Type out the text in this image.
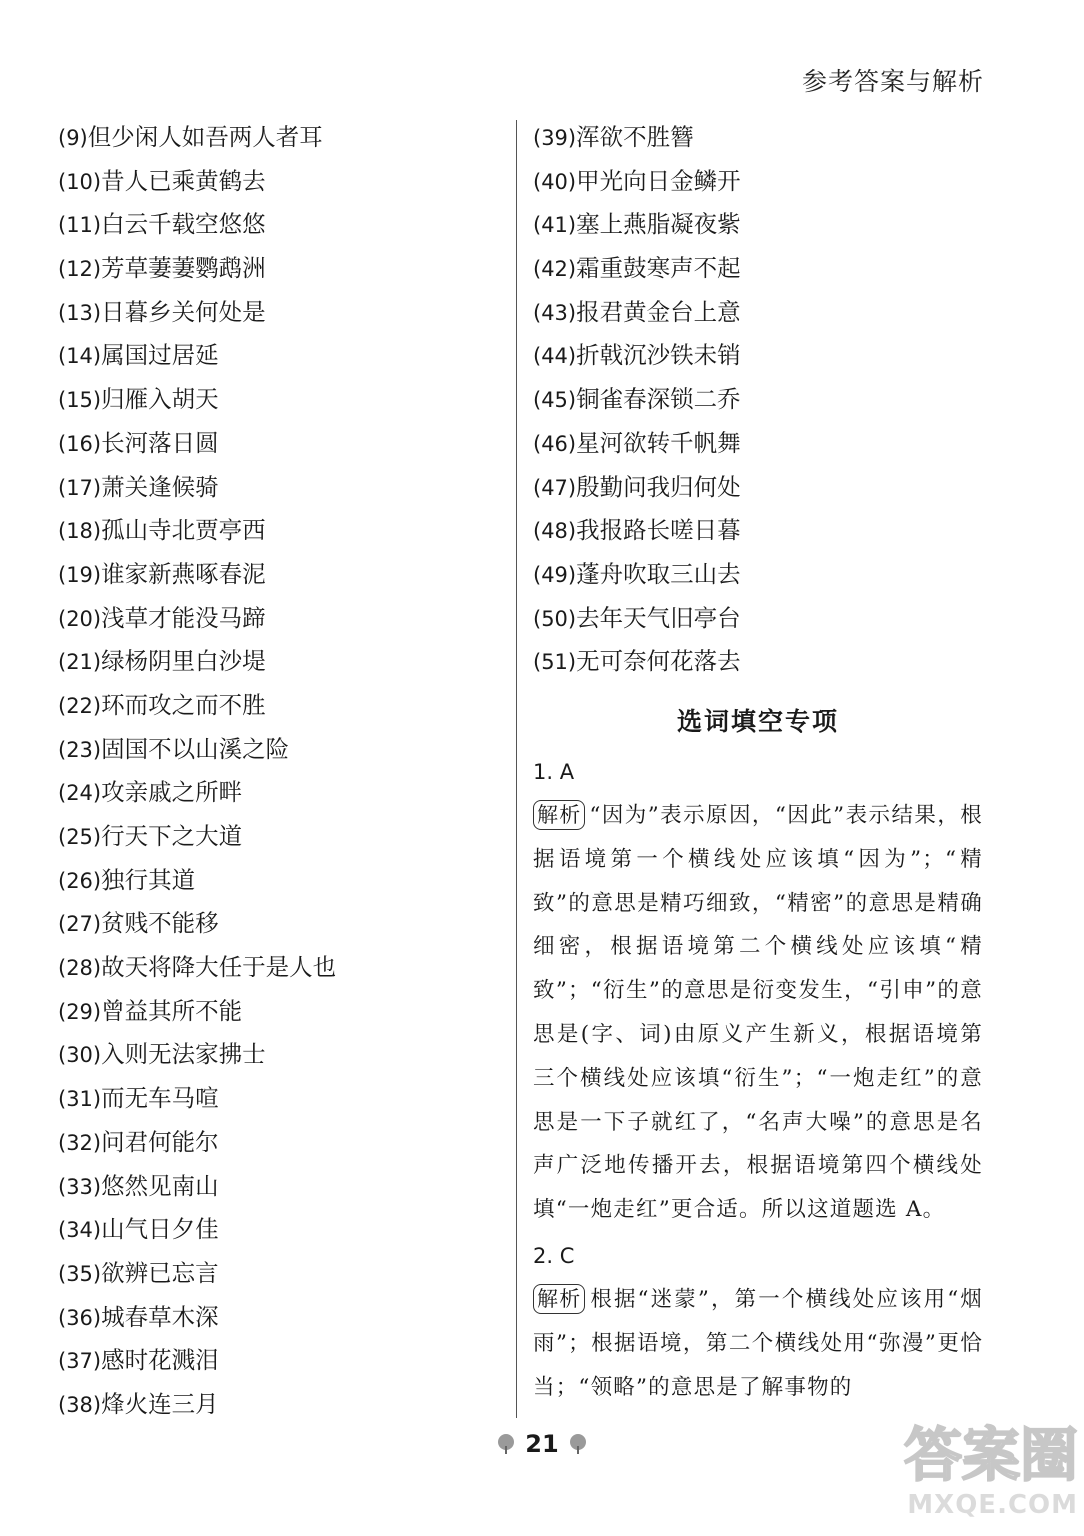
参考答案与解析
(9)但少闲人如吾两人者耳
(10)昔人已乘黄鹤去
(11)白云千载空悠悠
(12)芳草萋萋鹦鹉洲
(13)日暮乡关何处是
(14)属国过居延
(15)归雁入胡天
(16)长河落日圆
(17)萧关逢候骑
(18)孤山寺北贾亭西
(19)谁家新燕啄春泥
(20)浅草才能没马蹄
(21)绿杨阴里白沙堤
(22)环而攻之而不胜
(23)固国不以山溪之险
(24)攻亲戚之所畔
(25)行天下之大道
(26)独行其道
(27)贫贱不能移
(28)故天将降大任于是人也
(29)曾益其所不能
(30)入则无法家拂士
(31)而无车马喧
(32)问君何能尔
(33)悠然见南山
(34)山气日夕佳
(35)欲辨已忘言
(36)城春草木深
(37)感时花溅泪
(38)烽火连三月
(39)浑欲不胜簪
(40)甲光向日金鳞开
(41)塞上燕脂凝夜紫
(42)霜重鼓寒声不起
(43)报君黄金台上意
(44)折戟沉沙铁未销
(45)铜雀春深锁二乔
(46)星河欲转千帆舞
(47)殷勤问我归何处
(48)我报路长嗟日暮
(49)蓬舟吹取三山去
(50)去年天气旧亭台
(51)无可奈何花落去
选词填空专项
1. A
解析 “因为”表示原因，“因此”表示结果，根据语境第一个横线处应该填“因为”；“精致”的意思是精巧细致，“精密”的意思是精确细密，根据语境第二个横线处应该填“精致”；“衍生”的意思是衍变发生，“引申”的意思是(字、词)由原义产生新义，根据语境第三个横线处应该填“衍生”；“一炮走红”的意思是一下子就红了，“名声大噪”的意思是名声广泛地传播开去，根据语境第四个横线处填“一炮走红”更合适。所以这道题选 A。
2. C
解析 根据“迷蒙”，第一个横线处应该用“烟雨”；根据语境，第二个横线处用“弥漫”更恰当；“领略”的意思是了解事物的
21	答案圈
MXQE.COM
